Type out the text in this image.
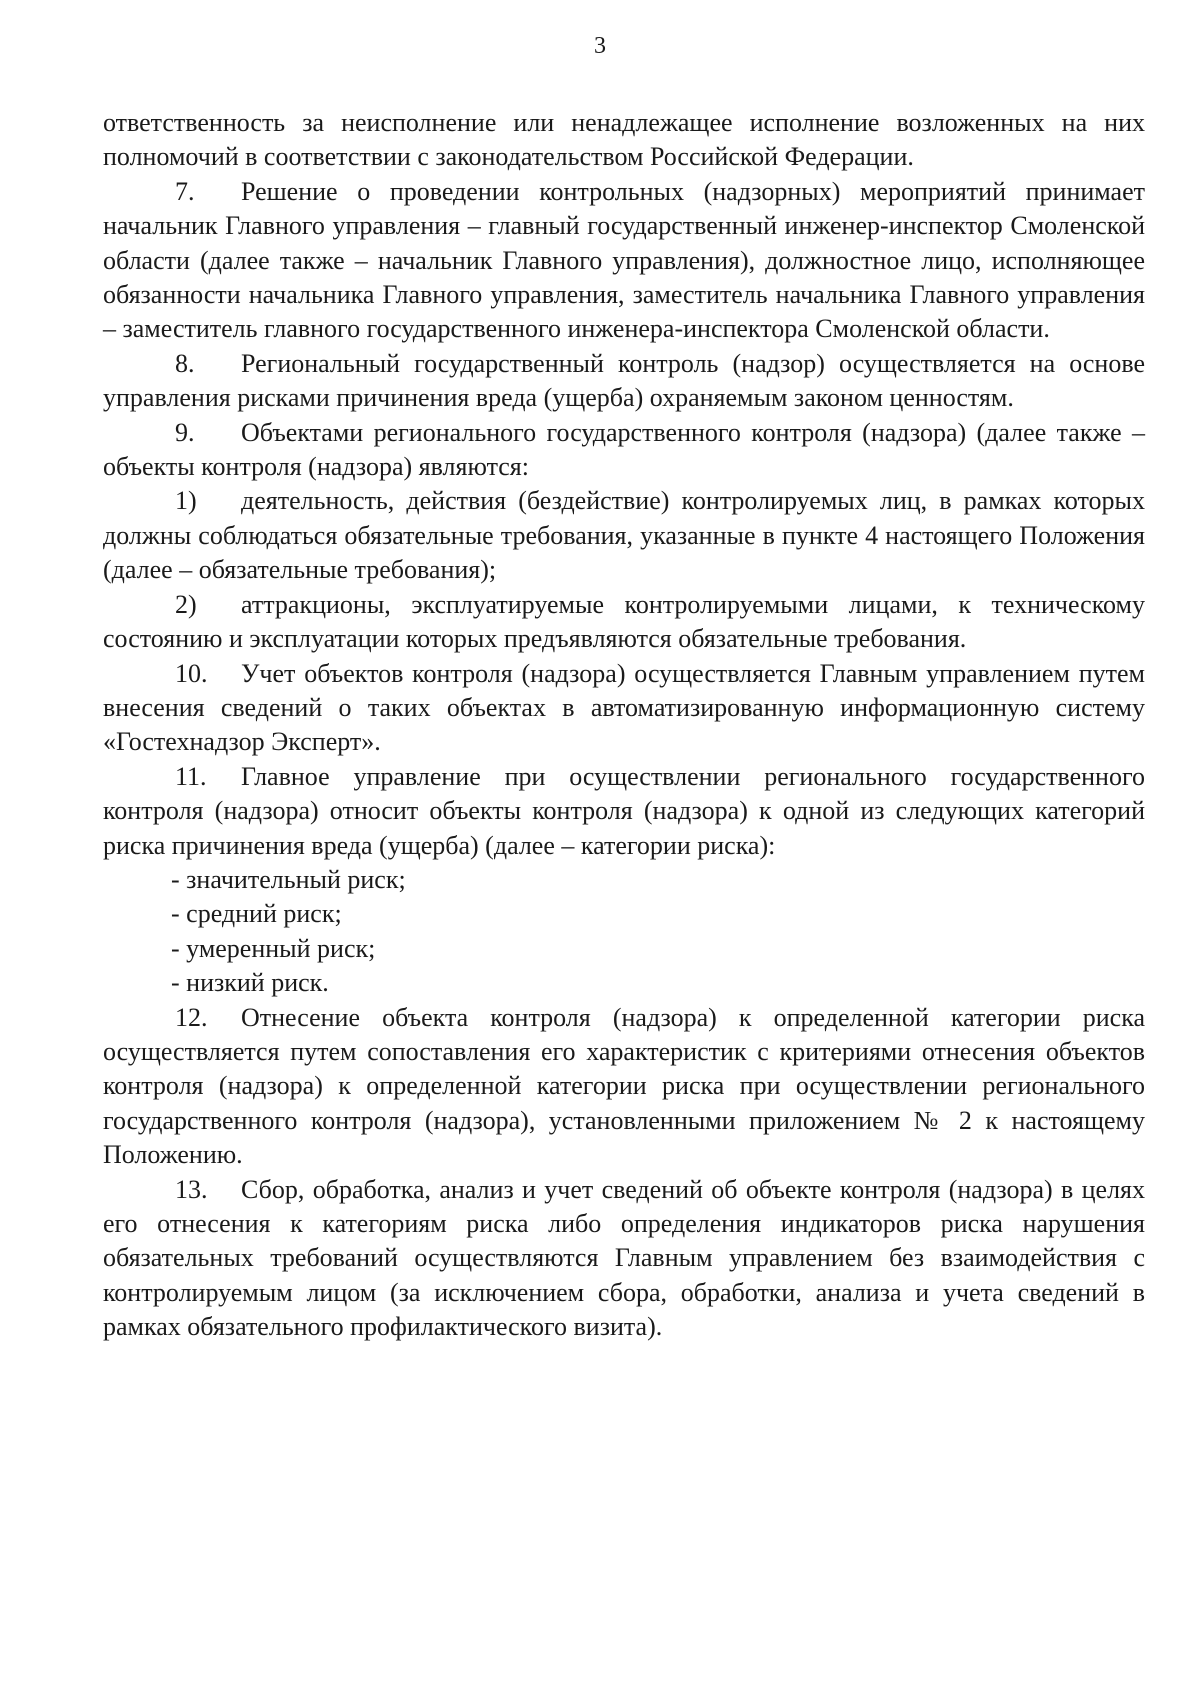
3

ответственность за неисполнение или ненадлежащее исполнение возложенных на них полномочий в соответствии с законодательством Российской Федерации.

7. Решение о проведении контрольных (надзорных) мероприятий принимает начальник Главного управления – главный государственный инженер-инспектор Смоленской области (далее также – начальник Главного управления), должностное лицо, исполняющее обязанности начальника Главного управления, заместитель начальника Главного управления – заместитель главного государственного инженера-инспектора Смоленской области.

8. Региональный государственный контроль (надзор) осуществляется на основе управления рисками причинения вреда (ущерба) охраняемым законом ценностям.

9. Объектами регионального государственного контроля (надзора) (далее также – объекты контроля (надзора) являются:

1) деятельность, действия (бездействие) контролируемых лиц, в рамках которых должны соблюдаться обязательные требования, указанные в пункте 4 настоящего Положения (далее – обязательные требования);

2) аттракционы, эксплуатируемые контролируемыми лицами, к техническому состоянию и эксплуатации которых предъявляются обязательные требования.

10. Учет объектов контроля (надзора) осуществляется Главным управлением путем внесения сведений о таких объектах в автоматизированную информационную систему «Гостехнадзор Эксперт».

11. Главное управление при осуществлении регионального государственного контроля (надзора) относит объекты контроля (надзора) к одной из следующих категорий риска причинения вреда (ущерба) (далее – категории риска):

- значительный риск;

- средний риск;

- умеренный риск;

- низкий риск.

12. Отнесение объекта контроля (надзора) к определенной категории риска осуществляется путем сопоставления его характеристик с критериями отнесения объектов контроля (надзора) к определенной категории риска при осуществлении регионального государственного контроля (надзора), установленными приложением № 2 к настоящему Положению.

13. Сбор, обработка, анализ и учет сведений об объекте контроля (надзора) в целях его отнесения к категориям риска либо определения индикаторов риска нарушения обязательных требований осуществляются Главным управлением без взаимодействия с контролируемым лицом (за исключением сбора, обработки, анализа и учета сведений в рамках обязательного профилактического визита).
